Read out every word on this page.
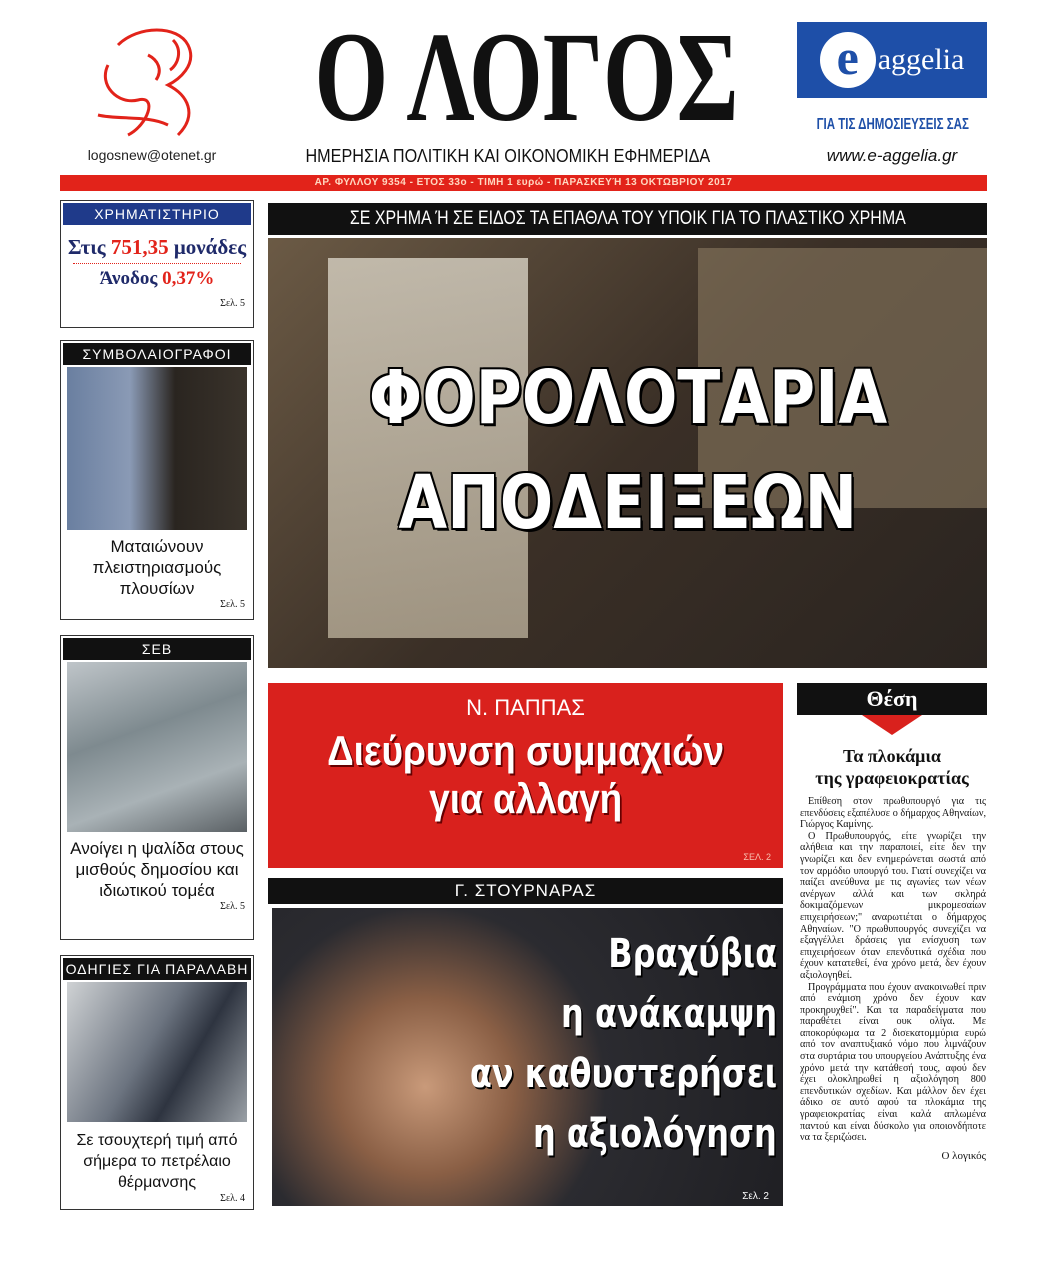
logosnew@otenet.gr
Ο ΛΟΓΟΣ
ΗΜΕΡΗΣΙΑ ΠΟΛΙΤΙΚΗ ΚΑΙ ΟΙΚΟΝΟΜΙΚΗ ΕΦΗΜΕΡΙΔΑ
e aggelia
ΓΙΑ ΤΙΣ ΔΗΜΟΣΙΕΥΣΕΙΣ ΣΑΣ
www.e-aggelia.gr
ΑΡ. ΦΥΛΛΟΥ 9354 - ΕΤΟΣ 33ο - ΤΙΜΗ 1 ευρώ - ΠΑΡΑΣΚΕΥΉ 13 ΟΚΤΩΒΡΙΟΥ 2017
ΧΡΗΜΑΤΙΣΤΗΡΙΟ
Στις 751,35 μονάδες
Άνοδος 0,37%
Σελ. 5
ΣΥΜΒΟΛΑΙΟΓΡΑΦΟΙ
Ματαιώνουν πλειστηριασμούς πλουσίων
Σελ. 5
ΣΕΒ
Ανοίγει η ψαλίδα στους μισθούς δημοσίου και ιδιωτικού τομέα
Σελ. 5
ΟΔΗΓΙΕΣ ΓΙΑ ΠΑΡΑΛΑΒΗ
Σε τσουχτερή τιμή από σήμερα το πετρέλαιο θέρμανσης
Σελ. 4
ΣΕ ΧΡΗΜΑ Ή ΣΕ ΕΙΔΟΣ ΤΑ ΕΠΑΘΛΑ ΤΟΥ ΥΠΟΙΚ ΓΙΑ ΤΟ ΠΛΑΣΤΙΚΟ ΧΡΗΜΑ
ΦΟΡΟΛΟΤΑΡΙΑ
ΑΠΟΔΕΙΞΕΩΝ
Ν. ΠΑΠΠΑΣ
Διεύρυνση συμμαχιών
για αλλαγή
ΣΕΛ. 2
Γ. ΣΤΟΥΡΝΑΡΑΣ
Βραχύβια
η ανάκαμψη
αν καθυστερήσει
η αξιολόγηση
Σελ. 2
Θέση
Τα πλοκάμια
της γραφειοκρατίας

Επίθεση στον πρωθυπουργό για τις επενδύσεις εξαπέλυσε ο δήμαρχος Αθηναίων, Γιώργος Καμίνης.

Ο Πρωθυπουργός, είτε γνωρίζει την αλήθεια και την παραποιεί, είτε δεν την γνωρίζει και δεν ενημερώνεται σωστά από τον αρμόδιο υπουργό του. Γιατί συνεχίζει να παίζει ανεύθυνα με τις αγωνίες των νέων ανέργων αλλά και των σκληρά δοκιμαζόμενων μικρομεσαίων επιχειρήσεων;" αναρωτιέται ο δήμαρχος Αθηναίων. "Ο πρωθυπουργός συνεχίζει να εξαγγέλλει δράσεις για ενίσχυση των επιχειρήσεων όταν επενδυτικά σχέδια που έχουν κατατεθεί, ένα χρόνο μετά, δεν έχουν αξιολογηθεί.

Προγράμματα που έχουν ανακοινωθεί πριν από ενάμιση χρόνο δεν έχουν καν προκηρυχθεί". Και τα παραδείγματα που παραθέτει είναι ουκ ολίγα. Με αποκορύφωμα τα 2 δισεκατομμύρια ευρώ από τον αναπτυξιακό νόμο που λιμνάζουν στα συρτάρια του υπουργείου Ανάπτυξης ένα χρόνο μετά την κατάθεσή τους, αφού δεν έχει ολοκληρωθεί η αξιολόγηση 800 επενδυτικών σχεδίων. Και μάλλον δεν έχει άδικο σε αυτό αφού τα πλοκάμια της γραφειοκρατίας είναι καλά απλωμένα παντού και είναι δύσκολο για οποιονδήποτε να τα ξεριζώσει.

Ο λογικός
